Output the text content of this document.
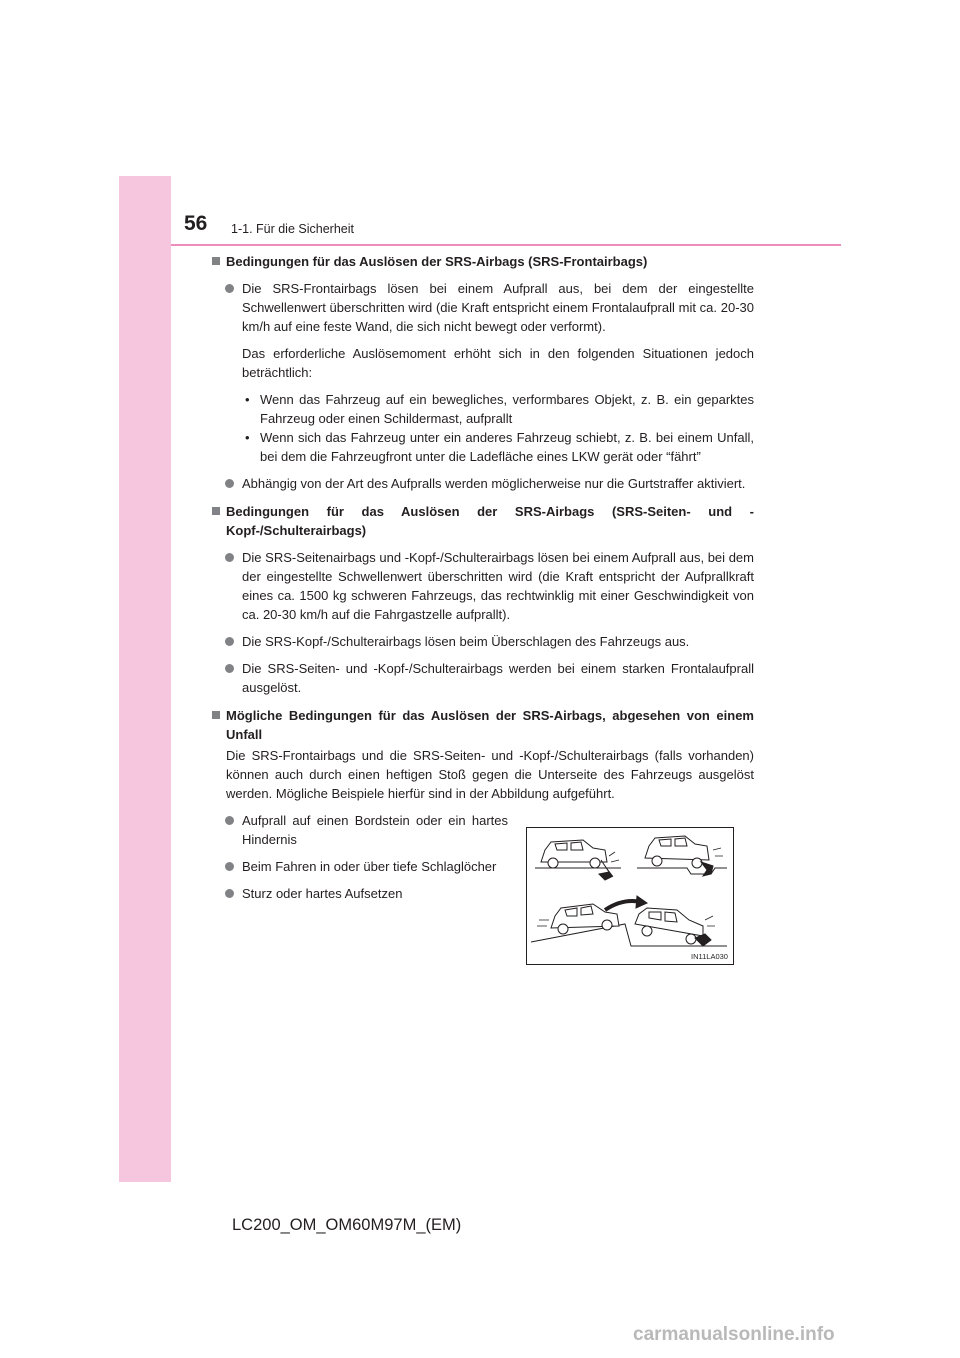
56 1-1. Für die Sicherheit
Bedingungen für das Auslösen der SRS-Airbags (SRS-Frontairbags)
Die SRS-Frontairbags lösen bei einem Aufprall aus, bei dem der eingestellte Schwellenwert überschritten wird (die Kraft entspricht einem Frontalaufprall mit ca. 20-30 km/h auf eine feste Wand, die sich nicht bewegt oder verformt).
Das erforderliche Auslösemoment erhöht sich in den folgenden Situationen jedoch beträchtlich:
• Wenn das Fahrzeug auf ein bewegliches, verformbares Objekt, z. B. ein geparktes Fahrzeug oder einen Schildermast, aufprallt
• Wenn sich das Fahrzeug unter ein anderes Fahrzeug schiebt, z. B. bei einem Unfall, bei dem die Fahrzeugfront unter die Ladefläche eines LKW gerät oder “fährt”
Abhängig von der Art des Aufpralls werden möglicherweise nur die Gurtstraffer aktiviert.
Bedingungen für das Auslösen der SRS-Airbags (SRS-Seiten- und -Kopf-/Schulterairbags)
Die SRS-Seitenairbags und -Kopf-/Schulterairbags lösen bei einem Aufprall aus, bei dem der eingestellte Schwellenwert überschritten wird (die Kraft entspricht der Aufprallkraft eines ca. 1500 kg schweren Fahrzeugs, das rechtwinklig mit einer Geschwindigkeit von ca. 20-30 km/h auf die Fahrgastzelle aufprallt).
Die SRS-Kopf-/Schulterairbags lösen beim Überschlagen des Fahrzeugs aus.
Die SRS-Seiten- und -Kopf-/Schulterairbags werden bei einem starken Frontalaufprall ausgelöst.
Mögliche Bedingungen für das Auslösen der SRS-Airbags, abgesehen von einem Unfall
Die SRS-Frontairbags und die SRS-Seiten- und -Kopf-/Schulterairbags (falls vorhanden) können auch durch einen heftigen Stoß gegen die Unterseite des Fahrzeugs ausgelöst werden. Mögliche Beispiele hierfür sind in der Abbildung aufgeführt.
Aufprall auf einen Bordstein oder ein hartes Hindernis
Beim Fahren in oder über tiefe Schlaglöcher
Sturz oder hartes Aufsetzen
IN11LA030
LC200_OM_OM60M97M_(EM)
carmanualsonline.info
